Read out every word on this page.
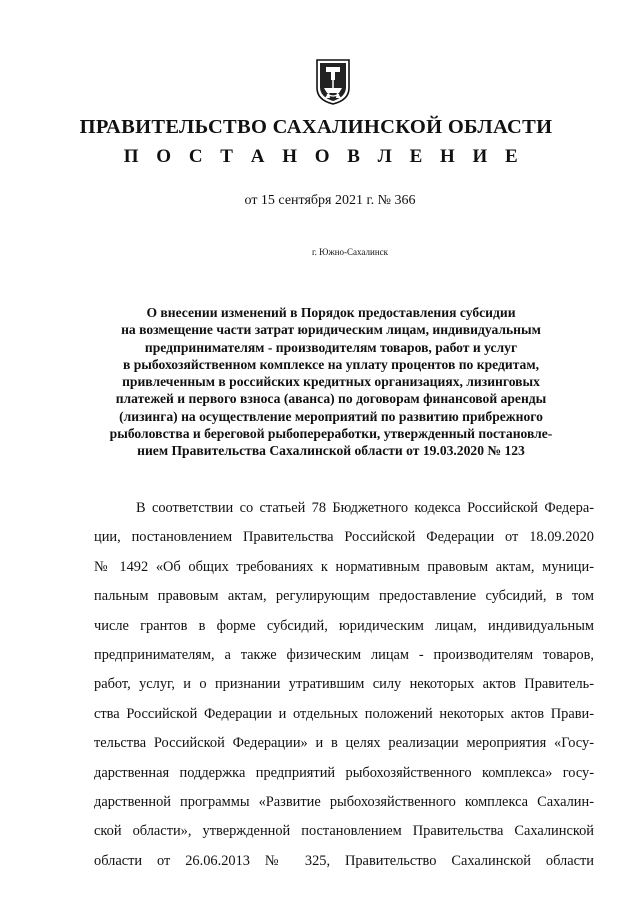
ПРАВИТЕЛЬСТВО САХАЛИНСКОЙ ОБЛАСТИ
П О С Т А Н О В Л Е Н И Е

от 15 сентября 2021 г. № 366

г. Южно-Сахалинск

О внесении изменений в Порядок предоставления субсидии
на возмещение части затрат юридическим лицам, индивидуальным
предпринимателям - производителям товаров, работ и услуг
в рыбохозяйственном комплексе на уплату процентов по кредитам,
привлеченным в российских кредитных организациях, лизинговых
платежей и первого взноса (аванса) по договорам финансовой аренды
(лизинга) на осуществление мероприятий по развитию прибрежного
рыболовства и береговой рыбопереработки, утвержденный постановле-
нием Правительства Сахалинской области от 19.03.2020 № 123
В соответствии со статьей 78 Бюджетного кодекса Российской Федера-
ции, постановлением Правительства Российской Федерации от 18.09.2020
№ 1492 «Об общих требованиях к нормативным правовым актам, муници-
пальным правовым актам, регулирующим предоставление субсидий, в том
числе грантов в форме субсидий, юридическим лицам, индивидуальным
предпринимателям, а также физическим лицам - производителям товаров,
работ, услуг, и о признании утратившим силу некоторых актов Правитель-
ства Российской Федерации и отдельных положений некоторых актов Прави-
тельства Российской Федерации» и в целях реализации мероприятия «Госу-
дарственная поддержка предприятий рыбохозяйственного комплекса» госу-
дарственной программы «Развитие рыбохозяйственного комплекса Сахалин-
ской области», утвержденной постановлением Правительства Сахалинской
области от 26.06.2013 № 325, Правительство Сахалинской области
